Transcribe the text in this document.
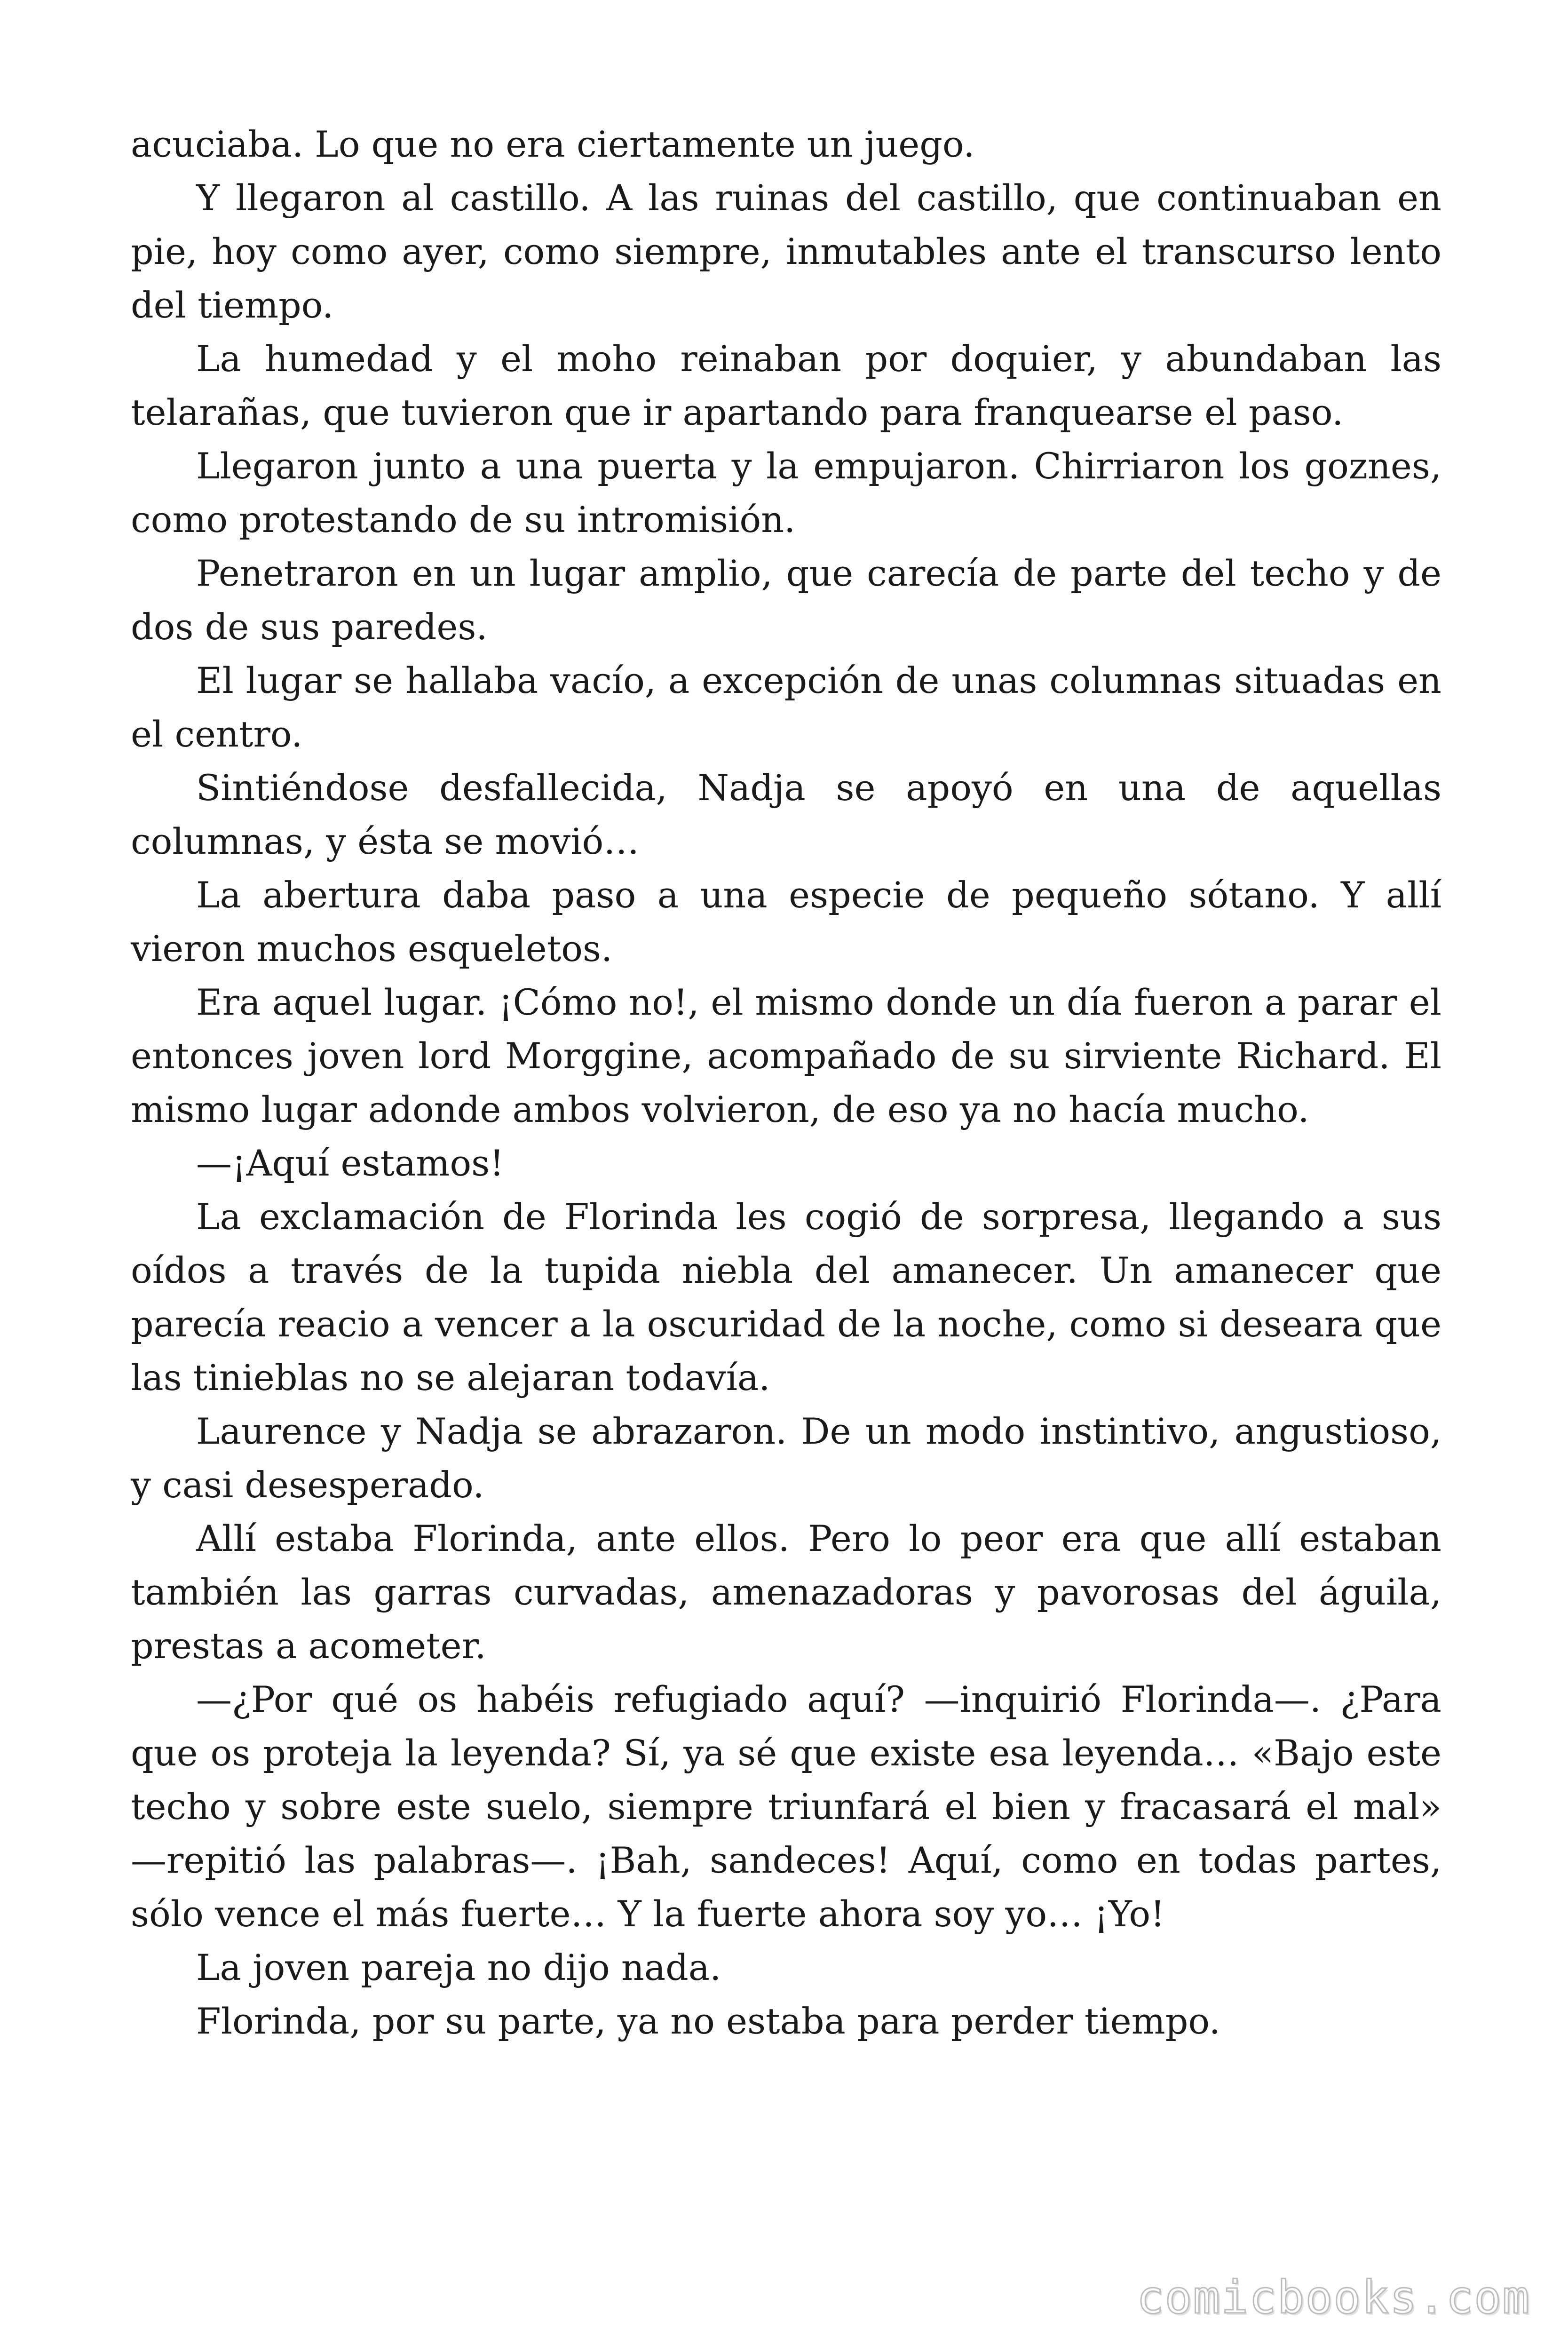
acuciaba. Lo que no era ciertamente un juego.

Y llegaron al castillo. A las ruinas del castillo, que continuaban en pie, hoy como ayer, como siempre, inmutables ante el transcurso lento del tiempo.

La humedad y el moho reinaban por doquier, y abundaban las telarañas, que tuvieron que ir apartando para franquearse el paso.

Llegaron junto a una puerta y la empujaron. Chirriaron los goznes, como protestando de su intromisión.

Penetraron en un lugar amplio, que carecía de parte del techo y de dos de sus paredes.

El lugar se hallaba vacío, a excepción de unas columnas situadas en el centro.

Sintiéndose desfallecida, Nadja se apoyó en una de aquellas columnas, y ésta se movió…

La abertura daba paso a una especie de pequeño sótano. Y allí vieron muchos esqueletos.

Era aquel lugar. ¡Cómo no!, el mismo donde un día fueron a parar el entonces joven lord Morggine, acompañado de su sirviente Richard. El mismo lugar adonde ambos volvieron, de eso ya no hacía mucho.

—¡Aquí estamos!

La exclamación de Florinda les cogió de sorpresa, llegando a sus oídos a través de la tupida niebla del amanecer. Un amanecer que parecía reacio a vencer a la oscuridad de la noche, como si deseara que las tinieblas no se alejaran todavía.

Laurence y Nadja se abrazaron. De un modo instintivo, angustioso, y casi desesperado.

Allí estaba Florinda, ante ellos. Pero lo peor era que allí estaban también las garras curvadas, amenazadoras y pavorosas del águila, prestas a acometer.

—¿Por qué os habéis refugiado aquí? —inquirió Florinda—. ¿Para que os proteja la leyenda? Sí, ya sé que existe esa leyenda… «Bajo este techo y sobre este suelo, siempre triunfará el bien y fracasará el mal» —repitió las palabras—. ¡Bah, sandeces! Aquí, como en todas partes, sólo vence el más fuerte… Y la fuerte ahora soy yo… ¡Yo!

La joven pareja no dijo nada.

Florinda, por su parte, ya no estaba para perder tiempo.

comicbooks.com
